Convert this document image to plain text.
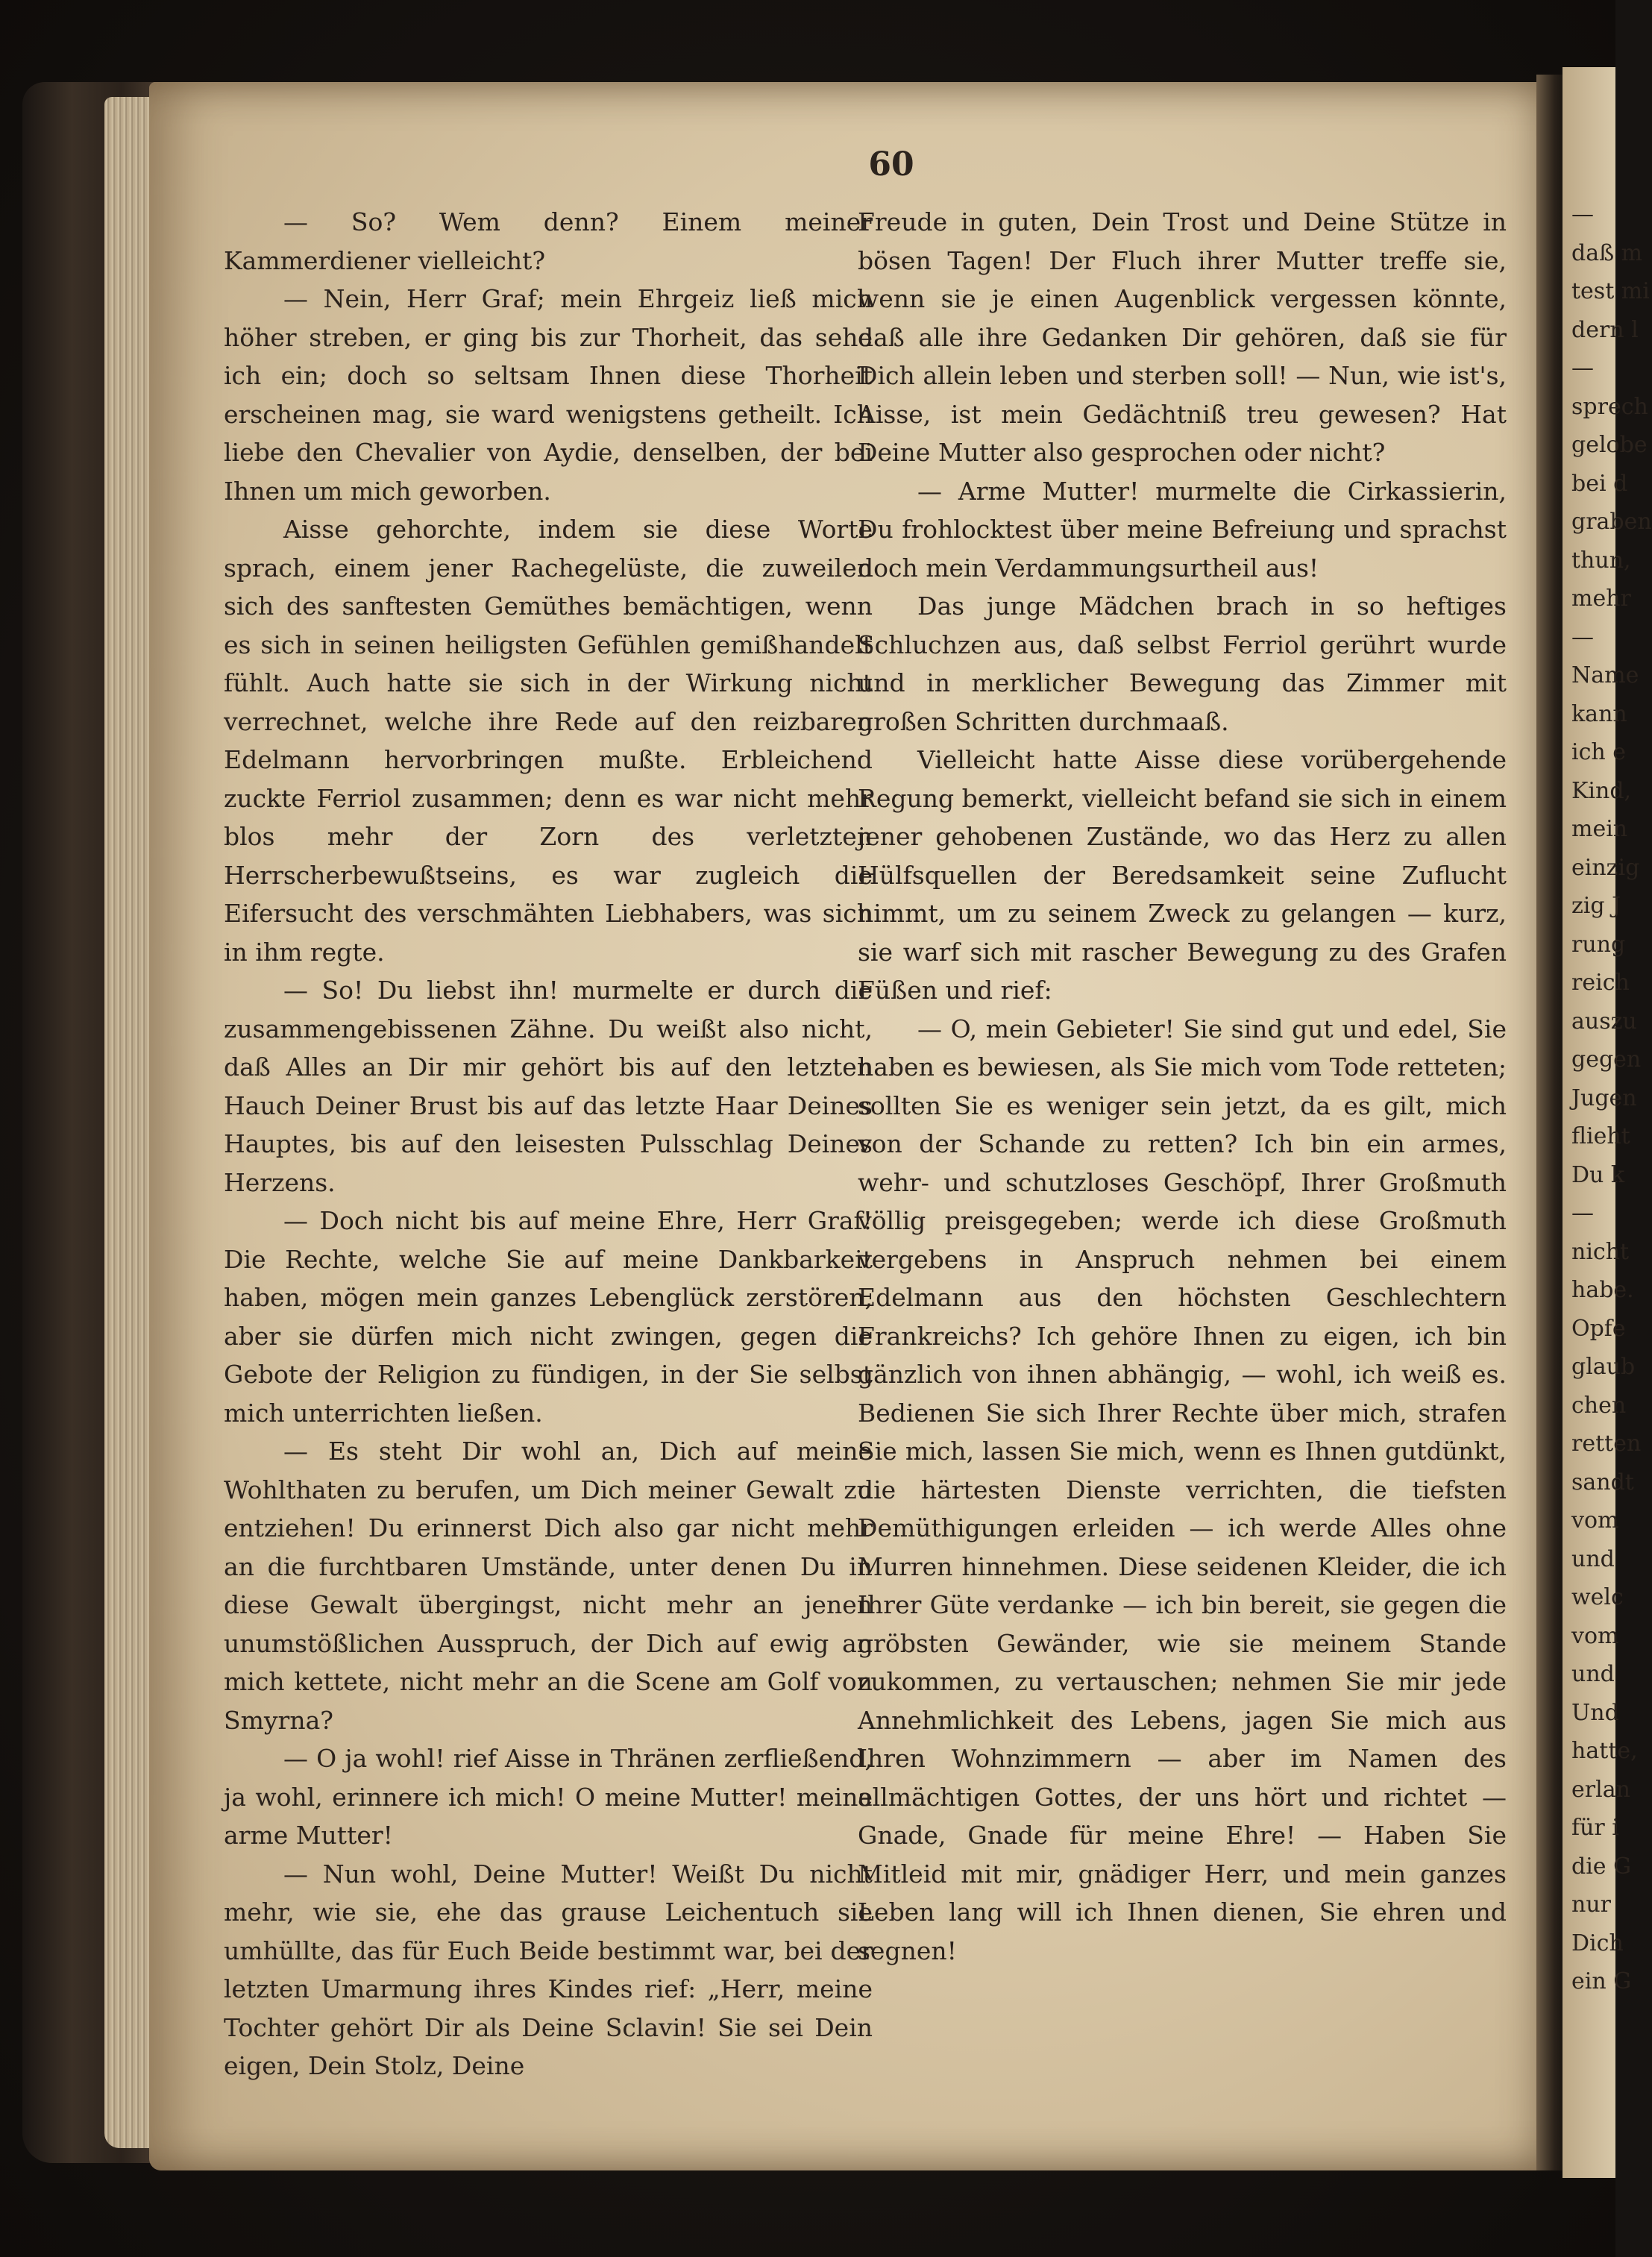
—
daß m
test mi
dern l
—
sprech
gelobe
bei d
graben
thun,
mehr
—
Name
kann
ich e
Kind,
mein
einzig
zig J
rung
reich
auszu
gegen
Jugen
flieht
Du k
—
nicht
habe.
Opfe
glaub
chen
retten
sandt
vom
und
welc
vom
und
Und
hatte,
erlan
für i
die G
nur
Dich
ein G
60

— So? Wem denn? Einem meiner Kammerdiener vielleicht?

— Nein, Herr Graf; mein Ehrgeiz ließ mich höher streben, er ging bis zur Thorheit, das sehe ich ein; doch so seltsam Ihnen diese Thorheit erscheinen mag, sie ward wenigstens getheilt. Ich liebe den Chevalier von Aydie, denselben, der bei Ihnen um mich geworben.

Aisse gehorchte, indem sie diese Worte sprach, einem jener Rachegelüste, die zuweilen sich des sanftesten Gemüthes bemächtigen, wenn es sich in seinen heiligsten Gefühlen gemißhandelt fühlt. Auch hatte sie sich in der Wirkung nicht verrechnet, welche ihre Rede auf den reizbaren Edelmann hervorbringen mußte. Erbleichend zuckte Ferriol zusammen; denn es war nicht mehr blos mehr der Zorn des verletzten Herrscherbewußtseins, es war zugleich die Eifersucht des verschmähten Liebhabers, was sich in ihm regte.

— So! Du liebst ihn! murmelte er durch die zusammengebissenen Zähne. Du weißt also nicht, daß Alles an Dir mir gehört bis auf den letzten Hauch Deiner Brust bis auf das letzte Haar Deines Hauptes, bis auf den leisesten Pulsschlag Deines Herzens.

— Doch nicht bis auf meine Ehre, Herr Graf! Die Rechte, welche Sie auf meine Dankbarkeit haben, mögen mein ganzes Lebenglück zerstören, aber sie dürfen mich nicht zwingen, gegen die Gebote der Religion zu fündigen, in der Sie selbst mich unterrichten ließen.

— Es steht Dir wohl an, Dich auf meine Wohlthaten zu berufen, um Dich meiner Gewalt zu entziehen! Du erinnerst Dich also gar nicht mehr an die furchtbaren Umstände, unter denen Du in diese Gewalt übergingst, nicht mehr an jenen unumstößlichen Ausspruch, der Dich auf ewig an mich kettete, nicht mehr an die Scene am Golf von Smyrna?

— O ja wohl! rief Aisse in Thränen zerfließend, ja wohl, erinnere ich mich! O meine Mutter! meine arme Mutter!

— Nun wohl, Deine Mutter! Weißt Du nicht mehr, wie sie, ehe das grause Leichentuch sie umhüllte, das für Euch Beide bestimmt war, bei der letzten Umarmung ihres Kindes rief: „Herr, meine Tochter gehört Dir als Deine Sclavin! Sie sei Dein eigen, Dein Stolz, Deine

Freude in guten, Dein Trost und Deine Stütze in bösen Tagen! Der Fluch ihrer Mutter treffe sie, wenn sie je einen Augenblick vergessen könnte, daß alle ihre Gedanken Dir gehören, daß sie für Dich allein leben und sterben soll! — Nun, wie ist's, Aisse, ist mein Gedächtniß treu gewesen? Hat Deine Mutter also gesprochen oder nicht?

— Arme Mutter! murmelte die Cirkassierin, Du frohlocktest über meine Befreiung und sprachst doch mein Verdammungsurtheil aus!

Das junge Mädchen brach in so heftiges Schluchzen aus, daß selbst Ferriol gerührt wurde und in merklicher Bewegung das Zimmer mit großen Schritten durchmaaß.

Vielleicht hatte Aisse diese vorübergehende Regung bemerkt, vielleicht befand sie sich in einem jener gehobenen Zustände, wo das Herz zu allen Hülfsquellen der Beredsamkeit seine Zuflucht nimmt, um zu seinem Zweck zu gelangen — kurz, sie warf sich mit rascher Bewegung zu des Grafen Füßen und rief:

— O, mein Gebieter! Sie sind gut und edel, Sie haben es bewiesen, als Sie mich vom Tode retteten; sollten Sie es weniger sein jetzt, da es gilt, mich von der Schande zu retten? Ich bin ein armes, wehr- und schutzloses Geschöpf, Ihrer Großmuth völlig preisgegeben; werde ich diese Großmuth vergebens in Anspruch nehmen bei einem Edelmann aus den höchsten Geschlechtern Frankreichs? Ich gehöre Ihnen zu eigen, ich bin gänzlich von ihnen abhängig, — wohl, ich weiß es. Bedienen Sie sich Ihrer Rechte über mich, strafen Sie mich, lassen Sie mich, wenn es Ihnen gutdünkt, die härtesten Dienste verrichten, die tiefsten Demüthigungen erleiden — ich werde Alles ohne Murren hinnehmen. Diese seidenen Kleider, die ich Ihrer Güte verdanke — ich bin bereit, sie gegen die gröbsten Gewänder, wie sie meinem Stande zukommen, zu vertauschen; nehmen Sie mir jede Annehmlichkeit des Lebens, jagen Sie mich aus Ihren Wohnzimmern — aber im Namen des allmächtigen Gottes, der uns hört und richtet — Gnade, Gnade für meine Ehre! — Haben Sie Mitleid mit mir, gnädiger Herr, und mein ganzes Leben lang will ich Ihnen dienen, Sie ehren und segnen!
